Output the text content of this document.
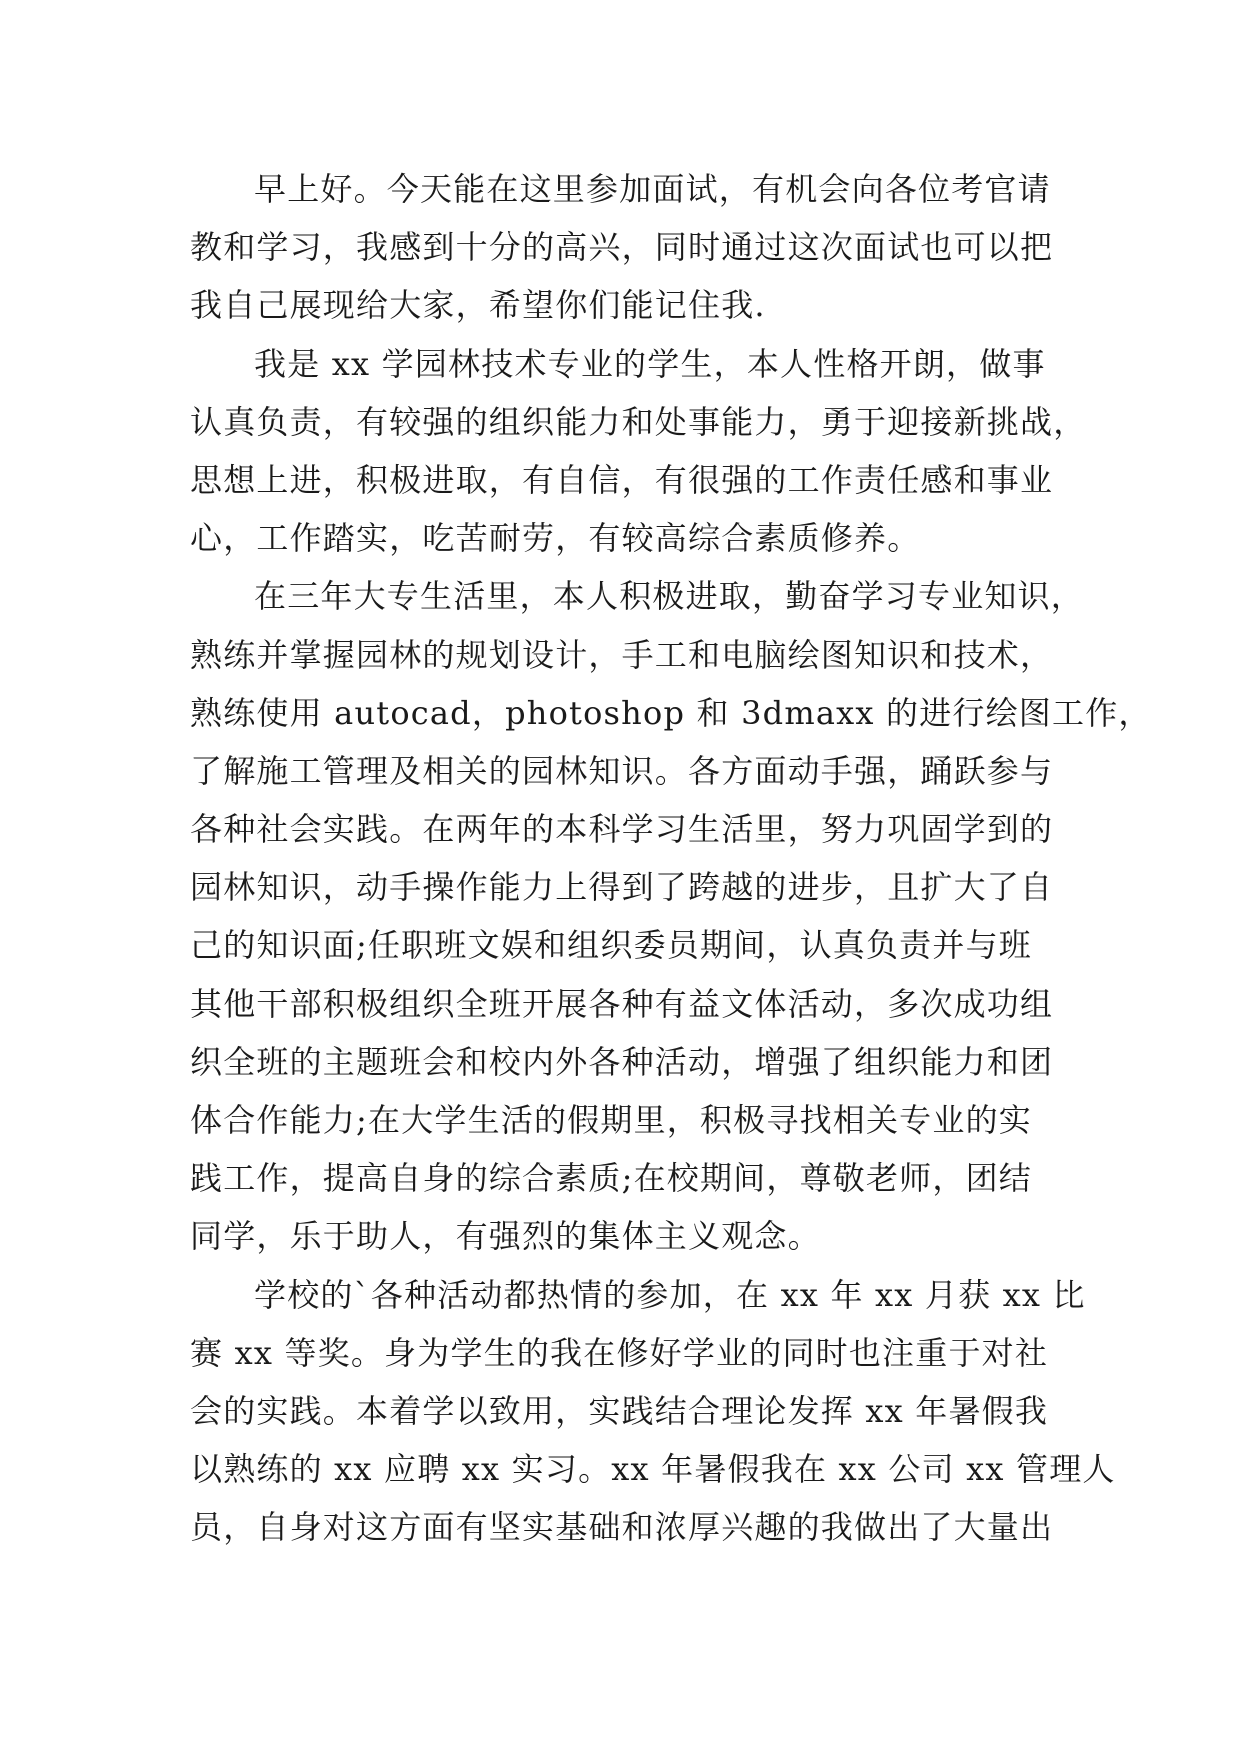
早上好。今天能在这里参加面试，有机会向各位考官请
教和学习，我感到十分的高兴，同时通过这次面试也可以把
我自己展现给大家，希望你们能记住我.
我是 xx 学园林技术专业的学生，本人性格开朗，做事
认真负责，有较强的组织能力和处事能力，勇于迎接新挑战，
思想上进，积极进取，有自信，有很强的工作责任感和事业
心，工作踏实，吃苦耐劳，有较高综合素质修养。
在三年大专生活里，本人积极进取，勤奋学习专业知识，
熟练并掌握园林的规划设计，手工和电脑绘图知识和技术，
熟练使用 autocad，photoshop 和 3dmaxx 的进行绘图工作，
了解施工管理及相关的园林知识。各方面动手强，踊跃参与
各种社会实践。在两年的本科学习生活里，努力巩固学到的
园林知识，动手操作能力上得到了跨越的进步，且扩大了自
己的知识面;任职班文娱和组织委员期间，认真负责并与班
其他干部积极组织全班开展各种有益文体活动，多次成功组
织全班的主题班会和校内外各种活动，增强了组织能力和团
体合作能力;在大学生活的假期里，积极寻找相关专业的实
践工作，提高自身的综合素质;在校期间，尊敬老师，团结
同学，乐于助人，有强烈的集体主义观念。
学校的`各种活动都热情的参加，在 xx 年 xx 月获 xx 比
赛 xx 等奖。身为学生的我在修好学业的同时也注重于对社
会的实践。本着学以致用，实践结合理论发挥 xx 年暑假我
以熟练的 xx 应聘 xx 实习。xx 年暑假我在 xx 公司 xx 管理人
员，自身对这方面有坚实基础和浓厚兴趣的我做出了大量出
